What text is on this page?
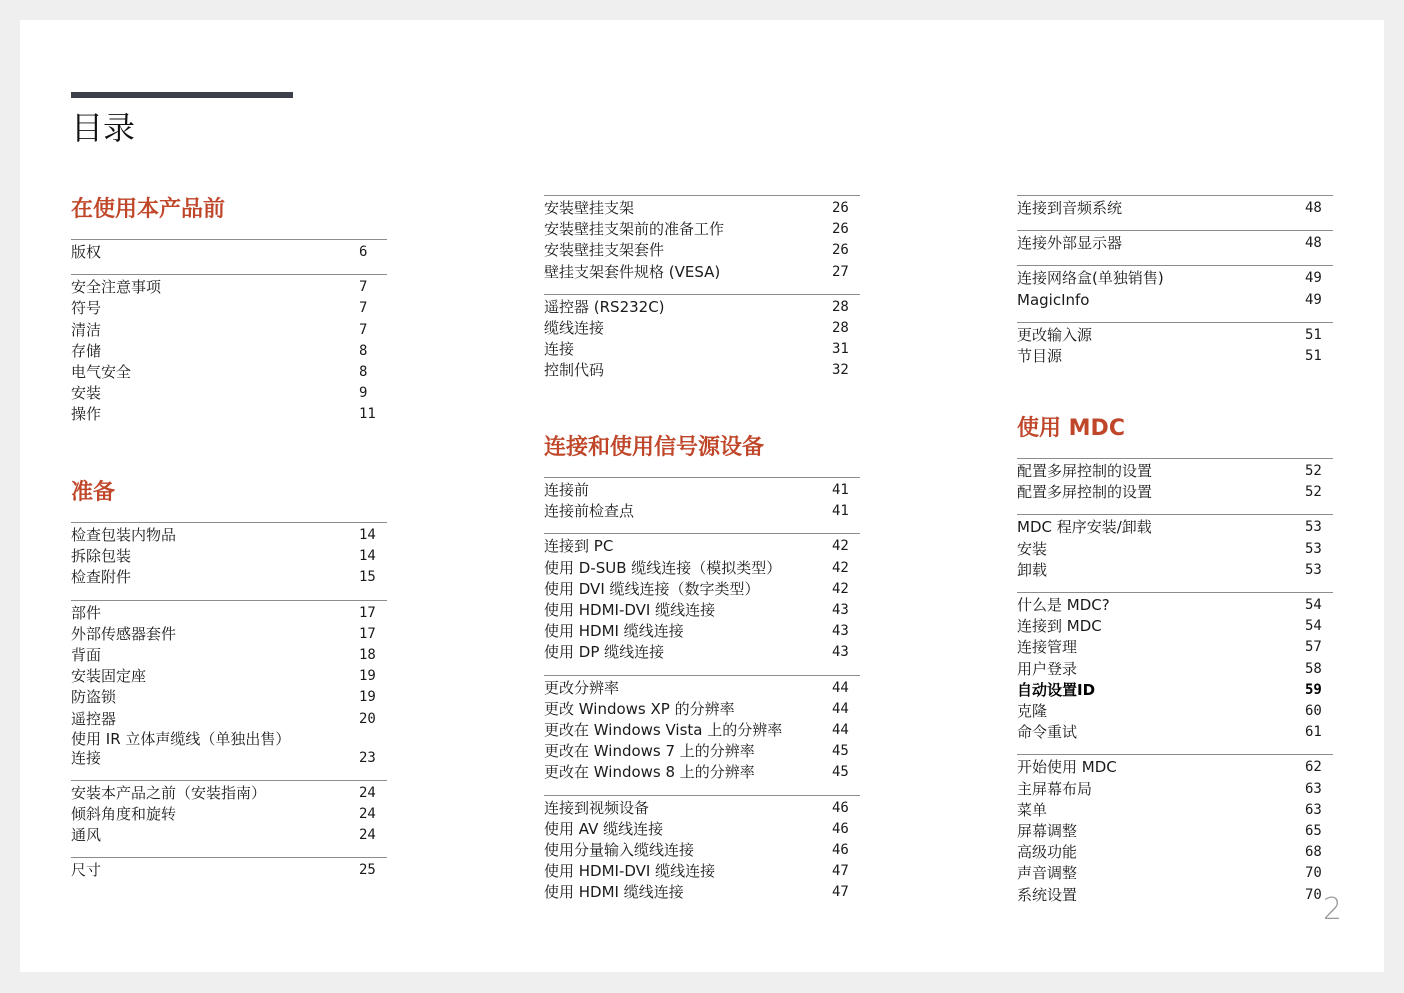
目录
在使用本产品前
版权	6
安全注意事项	7
符号	7
清洁	7
存储	8
电气安全	8
安装	9
操作	11
准备
检查包装内物品	14
拆除包装	14
检查附件	15
部件	17
外部传感器套件	17
背面	18
安装固定座	19
防盗锁	19
遥控器	20
使用 IR 立体声缆线（单独出售）
连接	23
安装本产品之前（安装指南）	24
倾斜角度和旋转	24
通风	24
尺寸	25
安装壁挂支架	26
安装壁挂支架前的准备工作	26
安装壁挂支架套件	26
壁挂支架套件规格 (VESA)	27
遥控器 (RS232C)	28
缆线连接	28
连接	31
控制代码	32
连接和使用信号源设备
连接前	41
连接前检查点	41
连接到 PC	42
使用 D-SUB 缆线连接（模拟类型）	42
使用 DVI 缆线连接（数字类型）	42
使用 HDMI-DVI 缆线连接	43
使用 HDMI 缆线连接	43
使用 DP 缆线连接	43
更改分辨率	44
更改 Windows XP 的分辨率	44
更改在 Windows Vista 上的分辨率	44
更改在 Windows 7 上的分辨率	45
更改在 Windows 8 上的分辨率	45
连接到视频设备	46
使用 AV 缆线连接	46
使用分量输入缆线连接	46
使用 HDMI-DVI 缆线连接	47
使用 HDMI 缆线连接	47
连接到音频系统	48
连接外部显示器	48
连接网络盒(单独销售)	49
MagicInfo	49
更改输入源	51
节目源	51
使用 MDC
配置多屏控制的设置	52
配置多屏控制的设置	52
MDC 程序安装/卸载	53
安装	53
卸载	53
什么是 MDC?	54
连接到 MDC	54
连接管理	57
用户登录	58
自动设置ID	59
克隆	60
命令重试	61
开始使用 MDC	62
主屏幕布局	63
菜单	63
屏幕调整	65
高级功能	68
声音调整	70
系统设置	70 2
